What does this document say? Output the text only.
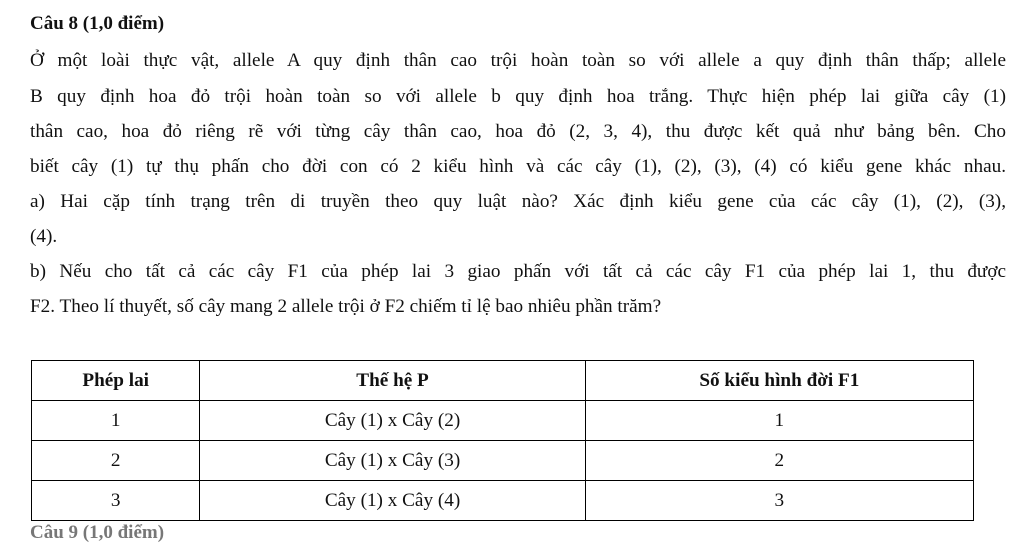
Câu 8 (1,0 điểm)
Ở một loài thực vật, allele A quy định thân cao trội hoàn toàn so với allele a quy định thân thấp; allele
B quy định hoa đỏ trội hoàn toàn so với allele b quy định hoa trắng. Thực hiện phép lai giữa cây (1)
thân cao, hoa đỏ riêng rẽ với từng cây thân cao, hoa đỏ (2, 3, 4), thu được kết quả như bảng bên. Cho
biết cây (1) tự thụ phấn cho đời con có 2 kiểu hình và các cây (1), (2), (3), (4) có kiểu gene khác nhau.
a) Hai cặp tính trạng trên di truyền theo quy luật nào? Xác định kiểu gene của các cây (1), (2), (3),
(4).
b) Nếu cho tất cả các cây F1 của phép lai 3 giao phấn với tất cả các cây F1 của phép lai 1, thu được
F2. Theo lí thuyết, số cây mang 2 allele trội ở F2 chiếm tỉ lệ bao nhiêu phần trăm?
Phép lai	Thế hệ P	Số kiểu hình đời F1
1	Cây (1) x Cây (2)	1
2	Cây (1) x Cây (3)	2
3	Cây (1) x Cây (4)	3
Câu 9 (1,0 điểm)
